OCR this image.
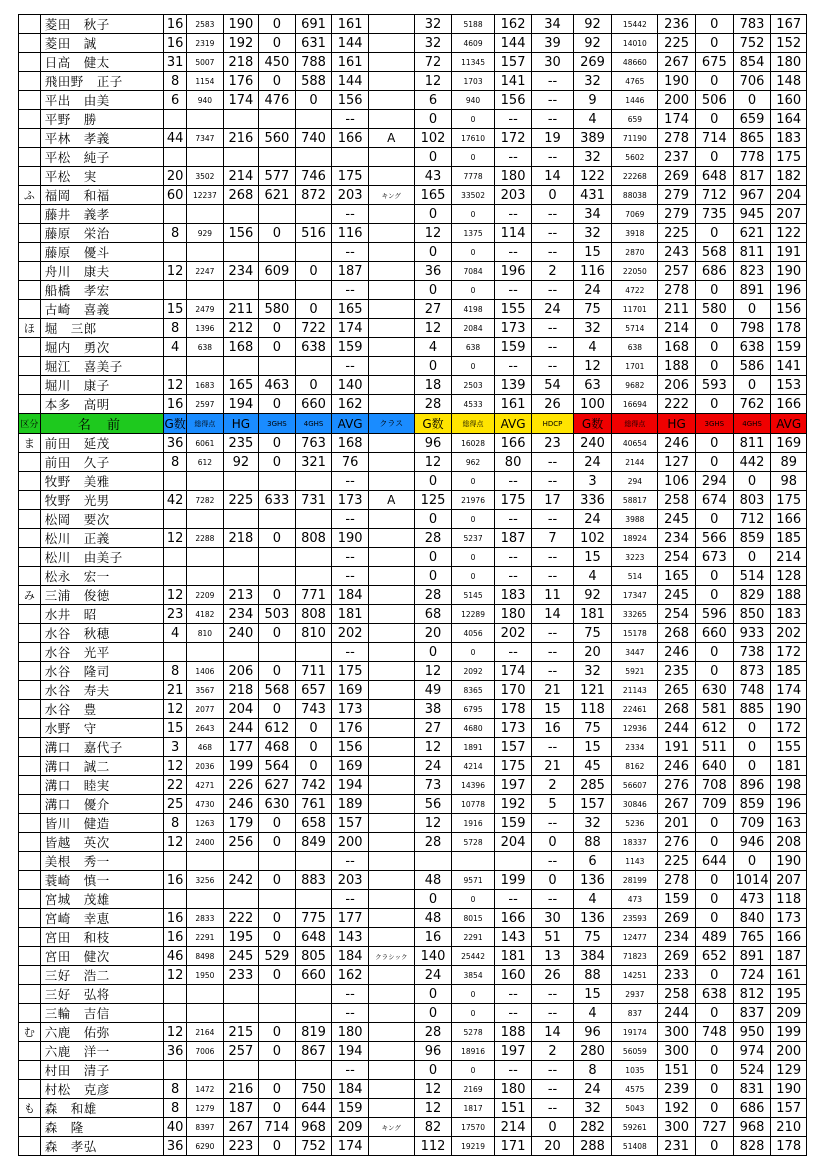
	菱田　秋子	16	2583	190	0	691	161		32	5188	162	34	92	15442	236	0	783	167
	菱田　誠	16	2319	192	0	631	144		32	4609	144	39	92	14010	225	0	752	152
	日高　健太	31	5007	218	450	788	161		72	11345	157	30	269	48660	267	675	854	180
	飛田野　正子	8	1154	176	0	588	144		12	1703	141	--	32	4765	190	0	706	148
	平出　由美	6	940	174	476	0	156		6	940	156	--	9	1446	200	506	0	160
	平野　勝						--		0	0	--	--	4	659	174	0	659	164
	平林　孝義	44	7347	216	560	740	166	A	102	17610	172	19	389	71190	278	714	865	183
	平松　純子								0	0	--	--	32	5602	237	0	778	175
	平松　実	20	3502	214	577	746	175		43	7778	180	14	122	22268	269	648	817	182
ふ	福岡　和福	60	12237	268	621	872	203	キング	165	33502	203	0	431	88038	279	712	967	204
	藤井　義孝						--		0	0	--	--	34	7069	279	735	945	207
	藤原　栄治	8	929	156	0	516	116		12	1375	114	--	32	3918	225	0	621	122
	藤原　優斗						--		0	0	--	--	15	2870	243	568	811	191
	舟川　康夫	12	2247	234	609	0	187		36	7084	196	2	116	22050	257	686	823	190
	船橋　孝宏						--		0	0	--	--	24	4722	278	0	891	196
	古崎　喜義	15	2479	211	580	0	165		27	4198	155	24	75	11701	211	580	0	156
ほ	堀　三郎	8	1396	212	0	722	174		12	2084	173	--	32	5714	214	0	798	178
	堀内　勇次	4	638	168	0	638	159		4	638	159	--	4	638	168	0	638	159
	堀江　喜美子						--		0	0	--	--	12	1701	188	0	586	141
	堀川　康子	12	1683	165	463	0	140		18	2503	139	54	63	9682	206	593	0	153
	本多　高明	16	2597	194	0	660	162		28	4533	161	26	100	16694	222	0	762	166
区分	名 前	G数	総得点	HG	3GHS	4GHS	AVG	クラス	G数	総得点	AVG	HDCP	G数	総得点	HG	3GHS	4GHS	AVG
ま	前田　延茂	36	6061	235	0	763	168		96	16028	166	23	240	40654	246	0	811	169
	前田　久子	8	612	92	0	321	76		12	962	80	--	24	2144	127	0	442	89
	牧野　美雅						--		0	0	--	--	3	294	106	294	0	98
	牧野　光男	42	7282	225	633	731	173	A	125	21976	175	17	336	58817	258	674	803	175
	松岡　要次						--		0	0	--	--	24	3988	245	0	712	166
	松川　正義	12	2288	218	0	808	190		28	5237	187	7	102	18924	234	566	859	185
	松川　由美子						--		0	0	--	--	15	3223	254	673	0	214
	松永　宏一						--		0	0	--	--	4	514	165	0	514	128
み	三浦　俊徳	12	2209	213	0	771	184		28	5145	183	11	92	17347	245	0	829	188
	水井　昭	23	4182	234	503	808	181		68	12289	180	14	181	33265	254	596	850	183
	水谷　秋穂	4	810	240	0	810	202		20	4056	202	--	75	15178	268	660	933	202
	水谷　光平						--		0	0	--	--	20	3447	246	0	738	172
	水谷　隆司	8	1406	206	0	711	175		12	2092	174	--	32	5921	235	0	873	185
	水谷　寿夫	21	3567	218	568	657	169		49	8365	170	21	121	21143	265	630	748	174
	水谷　豊	12	2077	204	0	743	173		38	6795	178	15	118	22461	268	581	885	190
	水野　守	15	2643	244	612	0	176		27	4680	173	16	75	12936	244	612	0	172
	溝口　嘉代子	3	468	177	468	0	156		12	1891	157	--	15	2334	191	511	0	155
	溝口　誠二	12	2036	199	564	0	169		24	4214	175	21	45	8162	246	640	0	181
	溝口　睦実	22	4271	226	627	742	194		73	14396	197	2	285	56607	276	708	896	198
	溝口　優介	25	4730	246	630	761	189		56	10778	192	5	157	30846	267	709	859	196
	皆川　健造	8	1263	179	0	658	157		12	1916	159	--	32	5236	201	0	709	163
	皆越　英次	12	2400	256	0	849	200		28	5728	204	0	88	18337	276	0	946	208
	美根　秀一						--					--	6	1143	225	644	0	190
	蓑崎　慎一	16	3256	242	0	883	203		48	9571	199	0	136	28199	278	0	1014	207
	宮城　茂雄						--		0	0	--	--	4	473	159	0	473	118
	宮崎　幸恵	16	2833	222	0	775	177		48	8015	166	30	136	23593	269	0	840	173
	宮田　和枝	16	2291	195	0	648	143		16	2291	143	51	75	12477	234	489	765	166
	宮田　健次	46	8498	245	529	805	184	クラシック	140	25442	181	13	384	71823	269	652	891	187
	三好　浩二	12	1950	233	0	660	162		24	3854	160	26	88	14251	233	0	724	161
	三好　弘将						--		0	0	--	--	15	2937	258	638	812	195
	三輪　吉信						--		0	0	--	--	4	837	244	0	837	209
む	六鹿　佑弥	12	2164	215	0	819	180		28	5278	188	14	96	19174	300	748	950	199
	六鹿　洋一	36	7006	257	0	867	194		96	18916	197	2	280	56059	300	0	974	200
	村田　清子						--		0	0	--	--	8	1035	151	0	524	129
	村松　克彦	8	1472	216	0	750	184		12	2169	180	--	24	4575	239	0	831	190
も	森　和雄	8	1279	187	0	644	159		12	1817	151	--	32	5043	192	0	686	157
	森　隆	40	8397	267	714	968	209	キング	82	17570	214	0	282	59261	300	727	968	210
	森　孝弘	36	6290	223	0	752	174		112	19219	171	20	288	51408	231	0	828	178
